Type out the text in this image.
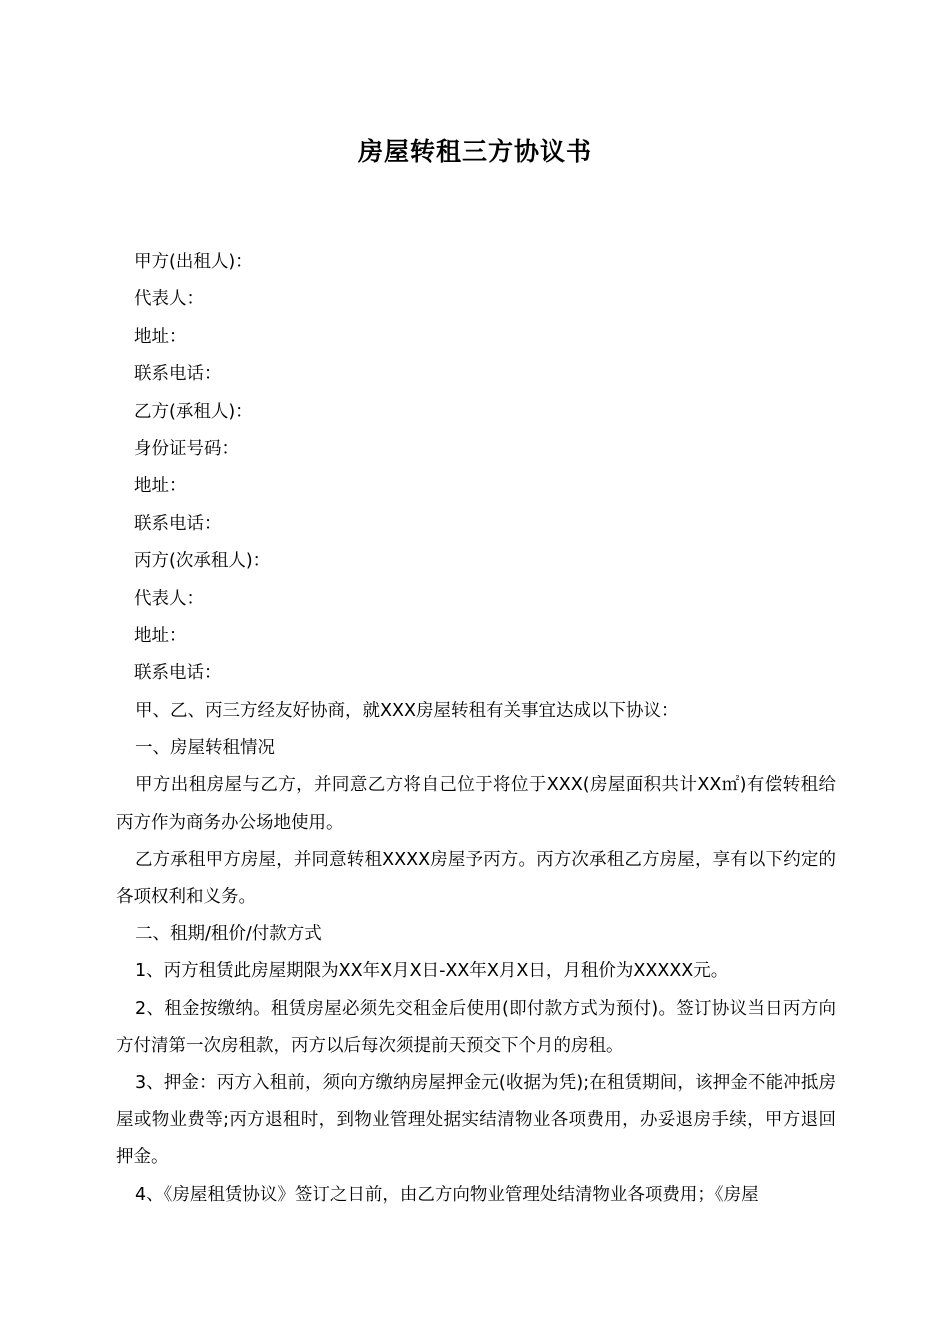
房屋转租三方协议书
甲方(出租人)：
代表人：
地址：
联系电话：
乙方(承租人)：
身份证号码：
地址：
联系电话：
丙方(次承租人)：
代表人：
地址：
联系电话：

甲、乙、丙三方经友好协商，就XXX房屋转租有关事宜达成以下协议：

一、房屋转租情况

甲方出租房屋与乙方，并同意乙方将自己位于将位于XXX(房屋面积共计XX㎡)有偿转租给丙方作为商务办公场地使用。

乙方承租甲方房屋，并同意转租XXXX房屋予丙方。丙方次承租乙方房屋，享有以下约定的各项权利和义务。

二、租期/租价/付款方式

1、丙方租赁此房屋期限为XX年X月X日-XX年X月X日，月租价为XXXXX元。

2、租金按缴纳。租赁房屋必须先交租金后使用(即付款方式为预付)。签订协议当日丙方向方付清第一次房租款，丙方以后每次须提前天预交下个月的房租。

3、押金：丙方入租前，须向方缴纳房屋押金元(收据为凭);在租赁期间，该押金不能冲抵房屋或物业费等;丙方退租时，到物业管理处据实结清物业各项费用，办妥退房手续，甲方退回押金。

4、《房屋租赁协议》签订之日前，由乙方向物业管理处结清物业各项费用；《房屋
